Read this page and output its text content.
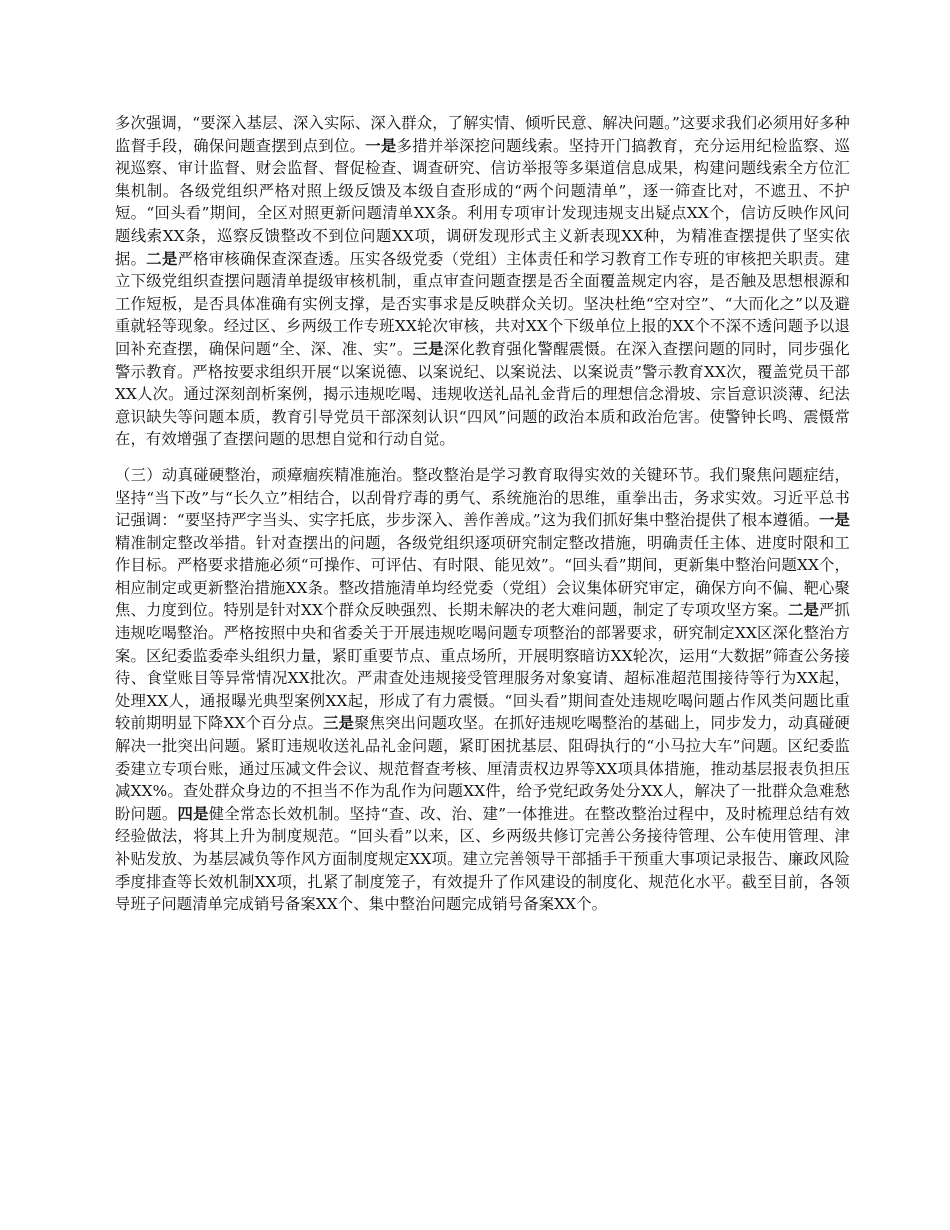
多次强调，“要深入基层、深入实际、深入群众，了解实情、倾听民意、解决问题。”这要求我们必须用好多种监督手段，确保问题查摆到点到位。一是多措并举深挖问题线索。坚持开门搞教育，充分运用纪检监察、巡视巡察、审计监督、财会监督、督促检查、调查研究、信访举报等多渠道信息成果，构建问题线索全方位汇集机制。各级党组织严格对照上级反馈及本级自查形成的“两个问题清单”，逐一筛查比对，不遮丑、不护短。“回头看”期间，全区对照更新问题清单XX条。利用专项审计发现违规支出疑点XX个，信访反映作风问题线索XX条，巡察反馈整改不到位问题XX项，调研发现形式主义新表现XX种，为精准查摆提供了坚实依据。二是严格审核确保查深查透。压实各级党委（党组）主体责任和学习教育工作专班的审核把关职责。建立下级党组织查摆问题清单提级审核机制，重点审查问题查摆是否全面覆盖规定内容，是否触及思想根源和工作短板，是否具体准确有实例支撑，是否实事求是反映群众关切。坚决杜绝“空对空”、“大而化之”以及避重就轻等现象。经过区、乡两级工作专班XX轮次审核，共对XX个下级单位上报的XX个不深不透问题予以退回补充查摆，确保问题“全、深、准、实”。三是深化教育强化警醒震慑。在深入查摆问题的同时，同步强化警示教育。严格按要求组织开展“以案说德、以案说纪、以案说法、以案说责”警示教育XX次，覆盖党员干部XX人次。通过深刻剖析案例，揭示违规吃喝、违规收送礼品礼金背后的理想信念滑坡、宗旨意识淡薄、纪法意识缺失等问题本质，教育引导党员干部深刻认识“四风”问题的政治本质和政治危害。使警钟长鸣、震慑常在，有效增强了查摆问题的思想自觉和行动自觉。

（三）动真碰硬整治，顽瘴痼疾精准施治。整改整治是学习教育取得实效的关键环节。我们聚焦问题症结，坚持“当下改”与“长久立”相结合，以刮骨疗毒的勇气、系统施治的思维，重拳出击，务求实效。习近平总书记强调：“要坚持严字当头、实字托底，步步深入、善作善成。”这为我们抓好集中整治提供了根本遵循。一是精准制定整改举措。针对查摆出的问题，各级党组织逐项研究制定整改措施，明确责任主体、进度时限和工作目标。严格要求措施必须“可操作、可评估、有时限、能见效”。“回头看”期间，更新集中整治问题XX个，相应制定或更新整治措施XX条。整改措施清单均经党委（党组）会议集体研究审定，确保方向不偏、靶心聚焦、力度到位。特别是针对XX个群众反映强烈、长期未解决的老大难问题，制定了专项攻坚方案。二是严抓违规吃喝整治。严格按照中央和省委关于开展违规吃喝问题专项整治的部署要求，研究制定XX区深化整治方案。区纪委监委牵头组织力量，紧盯重要节点、重点场所，开展明察暗访XX轮次，运用“大数据”筛查公务接待、食堂账目等异常情况XX批次。严肃查处违规接受管理服务对象宴请、超标准超范围接待等行为XX起，处理XX人，通报曝光典型案例XX起，形成了有力震慑。“回头看”期间查处违规吃喝问题占作风类问题比重较前期明显下降XX个百分点。三是聚焦突出问题攻坚。在抓好违规吃喝整治的基础上，同步发力，动真碰硬解决一批突出问题。紧盯违规收送礼品礼金问题，紧盯困扰基层、阻碍执行的“小马拉大车”问题。区纪委监委建立专项台账，通过压减文件会议、规范督查考核、厘清责权边界等XX项具体措施，推动基层报表负担压减XX%。查处群众身边的不担当不作为乱作为问题XX件，给予党纪政务处分XX人，解决了一批群众急难愁盼问题。四是健全常态长效机制。坚持“查、改、治、建”一体推进。在整改整治过程中，及时梳理总结有效经验做法，将其上升为制度规范。“回头看”以来，区、乡两级共修订完善公务接待管理、公车使用管理、津补贴发放、为基层减负等作风方面制度规定XX项。建立完善领导干部插手干预重大事项记录报告、廉政风险季度排查等长效机制XX项，扎紧了制度笼子，有效提升了作风建设的制度化、规范化水平。截至目前，各领导班子问题清单完成销号备案XX个、集中整治问题完成销号备案XX个。
